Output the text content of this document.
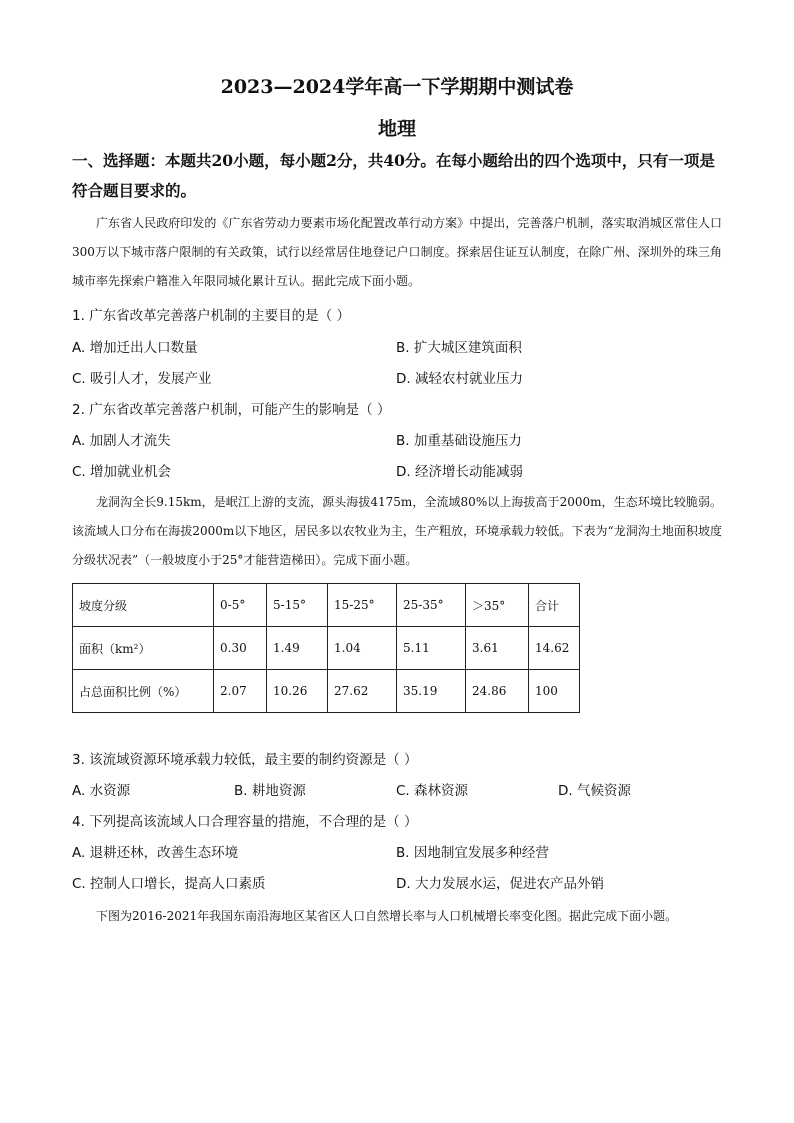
2023—2024学年高一下学期期中测试卷
地理
一、选择题：本题共20小题，每小题2分，共40分。在每小题给出的四个选项中，只有一项是符合题目要求的。
广东省人民政府印发的《广东省劳动力要素市场化配置改革行动方案》中提出，完善落户机制，落实取消城区常住人口300万以下城市落户限制的有关政策，试行以经常居住地登记户口制度。探索居住证互认制度，在除广州、深圳外的珠三角城市率先探索户籍准入年限同城化累计互认。据此完成下面小题。
1. 广东省改革完善落户机制的主要目的是（ ）
A. 增加迁出人口数量	B. 扩大城区建筑面积
C. 吸引人才，发展产业	D. 减轻农村就业压力
2. 广东省改革完善落户机制，可能产生的影响是（ ）
A. 加剧人才流失	B. 加重基础设施压力
C. 增加就业机会	D. 经济增长动能减弱
龙洞沟全长9.15km，是岷江上游的支流，源头海拔4175m，全流域80%以上海拔高于2000m，生态环境比较脆弱。该流域人口分布在海拔2000m以下地区，居民多以农牧业为主，生产粗放，环境承载力较低。下表为“龙洞沟土地面积坡度分级状况表”（一般坡度小于25°才能营造梯田）。完成下面小题。
坡度分级	0-5°	5-15°	15-25°	25-35°	＞35°	合计
面积（km²）	0.30	1.49	1.04	5.11	3.61	14.62
占总面积比例（%）	2.07	10.26	27.62	35.19	24.86	100
3. 该流域资源环境承载力较低，最主要的制约资源是（ ）
A. 水资源	B. 耕地资源	C. 森林资源	D. 气候资源
4. 下列提高该流域人口合理容量的措施，不合理的是（ ）
A. 退耕还林，改善生态环境	B. 因地制宜发展多种经营
C. 控制人口增长，提高人口素质	D. 大力发展水运，促进农产品外销
下图为2016-2021年我国东南沿海地区某省区人口自然增长率与人口机械增长率变化图。据此完成下面小题。
